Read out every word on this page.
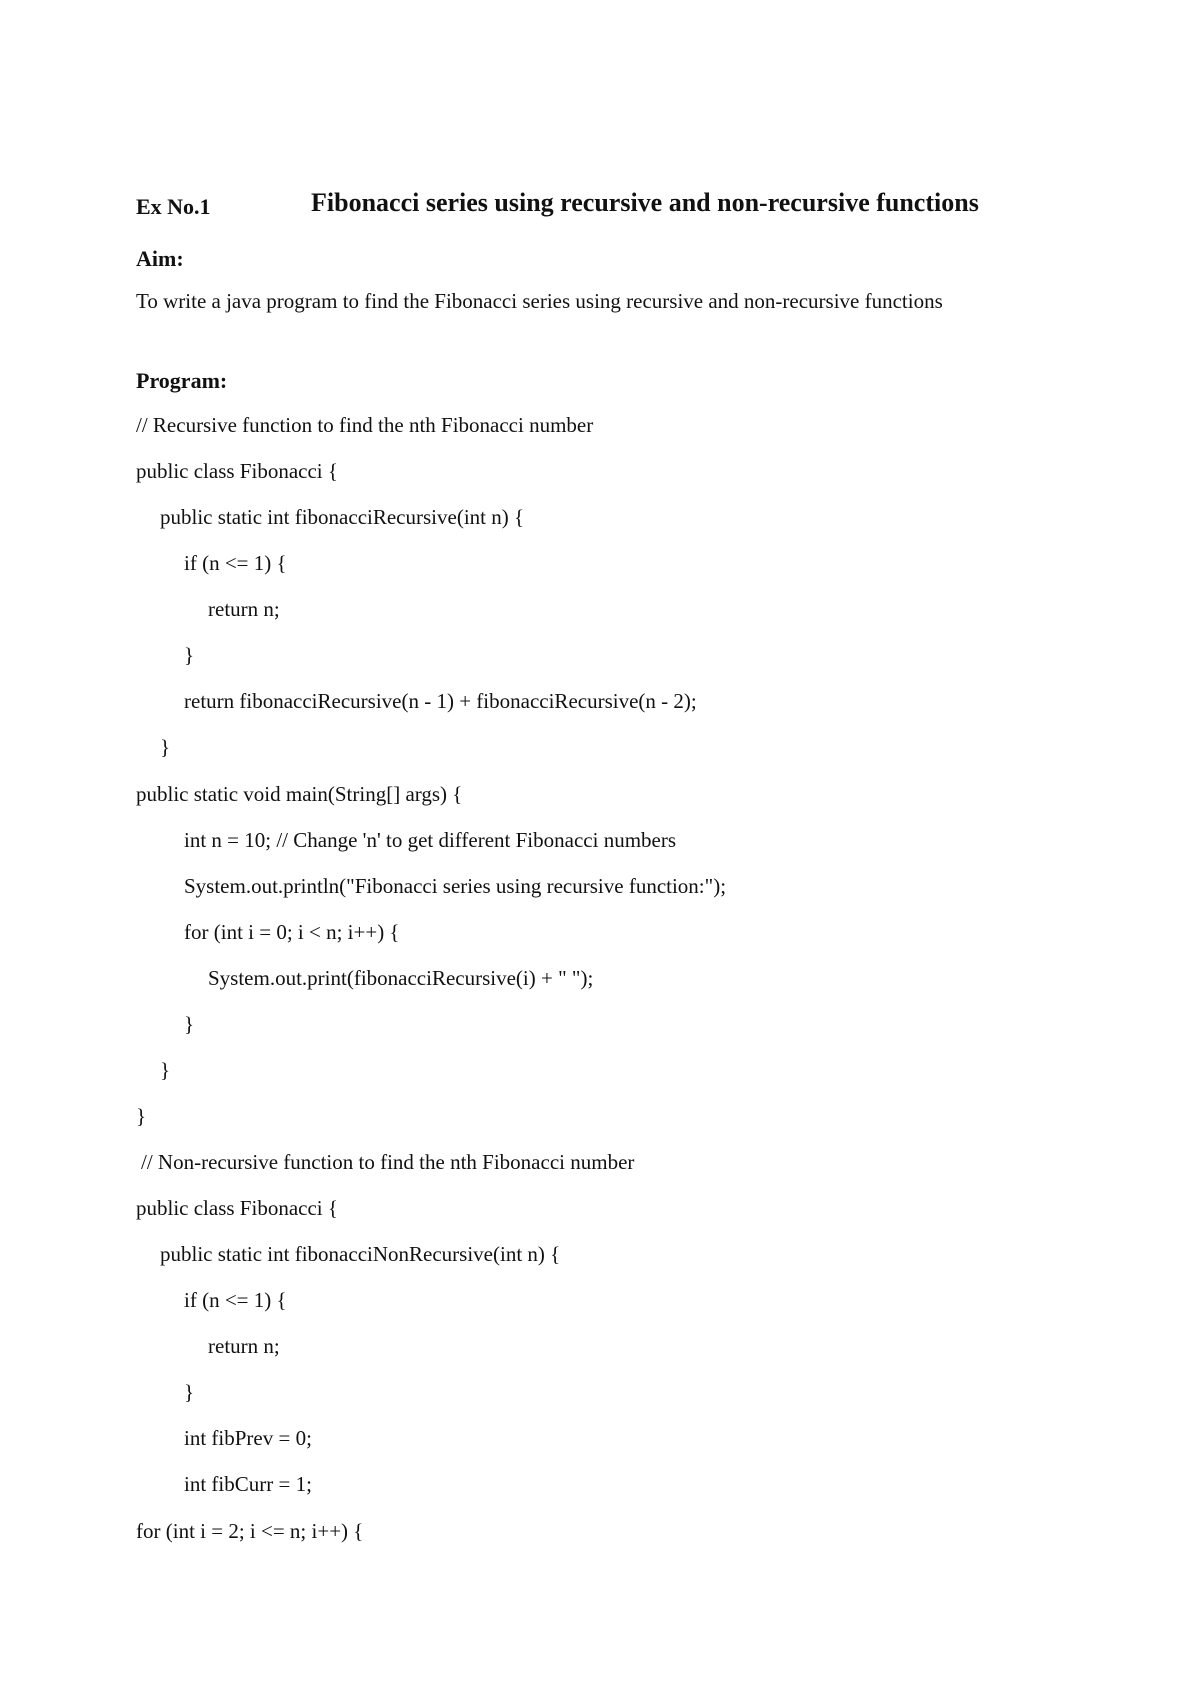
Ex No.1	Fibonacci series using recursive and non-recursive functions
Aim:
To write a java program to find the Fibonacci series using recursive and non-recursive functions
Program:
// Recursive function to find the nth Fibonacci number
public class Fibonacci {
public static int fibonacciRecursive(int n) {
if (n <= 1) {
return n;
}
return fibonacciRecursive(n - 1) + fibonacciRecursive(n - 2);
}
public static void main(String[] args) {
int n = 10; // Change 'n' to get different Fibonacci numbers
System.out.println("Fibonacci series using recursive function:");
for (int i = 0; i < n; i++) {
System.out.print(fibonacciRecursive(i) + " ");
}
}
}
// Non-recursive function to find the nth Fibonacci number
public class Fibonacci {
public static int fibonacciNonRecursive(int n) {
if (n <= 1) {
return n;
}
int fibPrev = 0;
int fibCurr = 1;
for (int i = 2; i <= n; i++) {
